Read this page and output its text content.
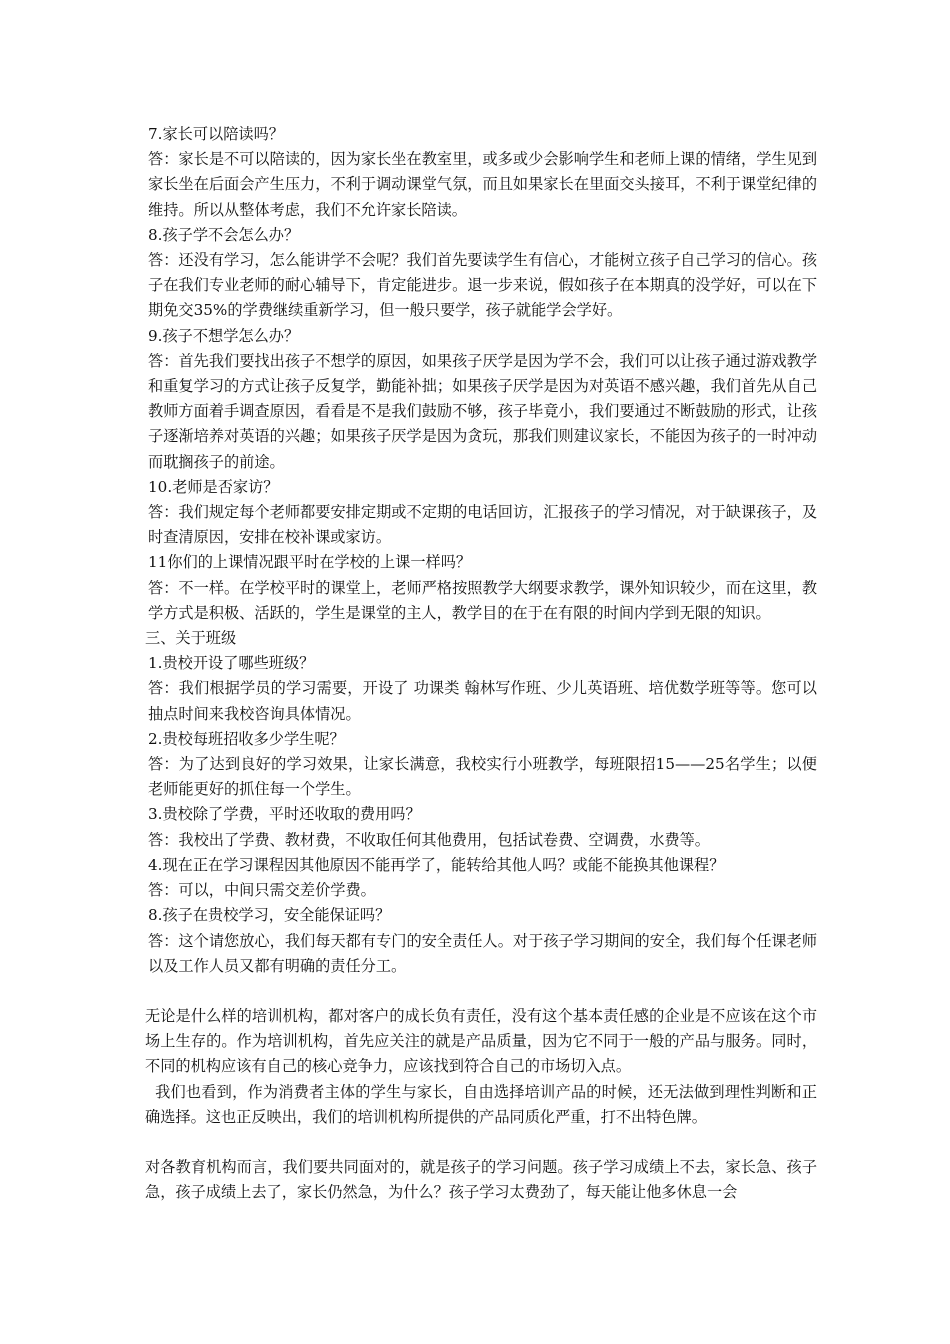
7.家长可以陪读吗？

答：家长是不可以陪读的，因为家长坐在教室里，或多或少会影响学生和老师上课的情绪，学生见到家长坐在后面会产生压力，不利于调动课堂气氛，而且如果家长在里面交头接耳，不利于课堂纪律的维持。所以从整体考虑，我们不允许家长陪读。

8.孩子学不会怎么办？

答：还没有学习，怎么能讲学不会呢？我们首先要读学生有信心，才能树立孩子自己学习的信心。孩子在我们专业老师的耐心辅导下，肯定能进步。退一步来说，假如孩子在本期真的没学好，可以在下期免交35%的学费继续重新学习，但一般只要学，孩子就能学会学好。

9.孩子不想学怎么办？

答：首先我们要找出孩子不想学的原因，如果孩子厌学是因为学不会，我们可以让孩子通过游戏教学和重复学习的方式让孩子反复学，勤能补拙；如果孩子厌学是因为对英语不感兴趣，我们首先从自己教师方面着手调查原因，看看是不是我们鼓励不够，孩子毕竟小，我们要通过不断鼓励的形式，让孩子逐渐培养对英语的兴趣；如果孩子厌学是因为贪玩，那我们则建议家长，不能因为孩子的一时冲动而耽搁孩子的前途。

10.老师是否家访？

答：我们规定每个老师都要安排定期或不定期的电话回访，汇报孩子的学习情况，对于缺课孩子，及时查清原因，安排在校补课或家访。

11你们的上课情况跟平时在学校的上课一样吗？

答：不一样。在学校平时的课堂上，老师严格按照教学大纲要求教学，课外知识较少，而在这里，教学方式是积极、活跃的，学生是课堂的主人，教学目的在于在有限的时间内学到无限的知识。

三、关于班级

1.贵校开设了哪些班级？

答：我们根据学员的学习需要，开设了 功课类 翰林写作班、少儿英语班、培优数学班等等。您可以抽点时间来我校咨询具体情况。

2.贵校每班招收多少学生呢？

答：为了达到良好的学习效果，让家长满意，我校实行小班教学，每班限招15——25名学生；以便老师能更好的抓住每一个学生。

3.贵校除了学费，平时还收取的费用吗？

答：我校出了学费、教材费，不收取任何其他费用，包括试卷费、空调费，水费等。

4.现在正在学习课程因其他原因不能再学了，能转给其他人吗？或能不能换其他课程？

答：可以，中间只需交差价学费。

8.孩子在贵校学习，安全能保证吗？

答：这个请您放心，我们每天都有专门的安全责任人。对于孩子学习期间的安全，我们每个任课老师以及工作人员又都有明确的责任分工。

无论是什么样的培训机构，都对客户的成长负有责任，没有这个基本责任感的企业是不应该在这个市场上生存的。作为培训机构，首先应关注的就是产品质量，因为它不同于一般的产品与服务。同时，不同的机构应该有自己的核心竞争力，应该找到符合自己的市场切入点。

我们也看到，作为消费者主体的学生与家长，自由选择培训产品的时候，还无法做到理性判断和正确选择。这也正反映出，我们的培训机构所提供的产品同质化严重，打不出特色牌。

对各教育机构而言，我们要共同面对的，就是孩子的学习问题。孩子学习成绩上不去，家长急、孩子急，孩子成绩上去了，家长仍然急，为什么？孩子学习太费劲了，每天能让他多休息一会
